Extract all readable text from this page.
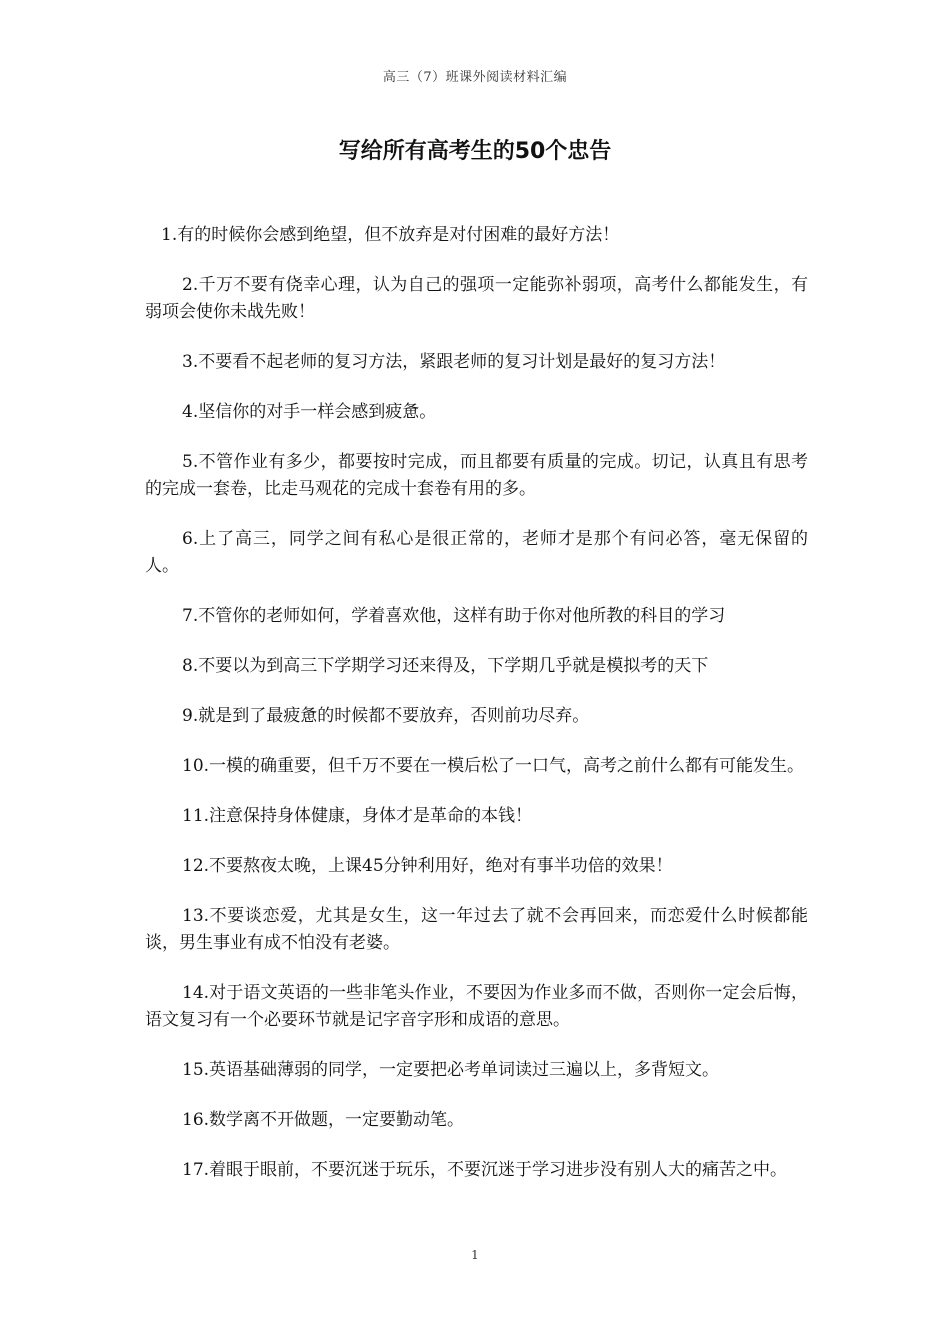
高三（7）班课外阅读材料汇编
写给所有高考生的50个忠告

1.有的时候你会感到绝望，但不放弃是对付困难的最好方法！

2.千万不要有侥幸心理，认为自己的强项一定能弥补弱项，高考什么都能发生，有弱项会使你未战先败！

3.不要看不起老师的复习方法，紧跟老师的复习计划是最好的复习方法！

4.坚信你的对手一样会感到疲惫。

5.不管作业有多少，都要按时完成，而且都要有质量的完成。切记，认真且有思考的完成一套卷，比走马观花的完成十套卷有用的多。

6.上了高三，同学之间有私心是很正常的，老师才是那个有问必答，毫无保留的人。

7.不管你的老师如何，学着喜欢他，这样有助于你对他所教的科目的学习

8.不要以为到高三下学期学习还来得及，下学期几乎就是模拟考的天下

9.就是到了最疲惫的时候都不要放弃，否则前功尽弃。

10.一模的确重要，但千万不要在一模后松了一口气，高考之前什么都有可能发生。

11.注意保持身体健康，身体才是革命的本钱！

12.不要熬夜太晚，上课45分钟利用好，绝对有事半功倍的效果！

13.不要谈恋爱，尤其是女生，这一年过去了就不会再回来，而恋爱什么时候都能谈，男生事业有成不怕没有老婆。

14.对于语文英语的一些非笔头作业，不要因为作业多而不做，否则你一定会后悔，语文复习有一个必要环节就是记字音字形和成语的意思。

15.英语基础薄弱的同学，一定要把必考单词读过三遍以上，多背短文。

16.数学离不开做题，一定要勤动笔。

17.着眼于眼前，不要沉迷于玩乐，不要沉迷于学习进步没有别人大的痛苦之中。

1
